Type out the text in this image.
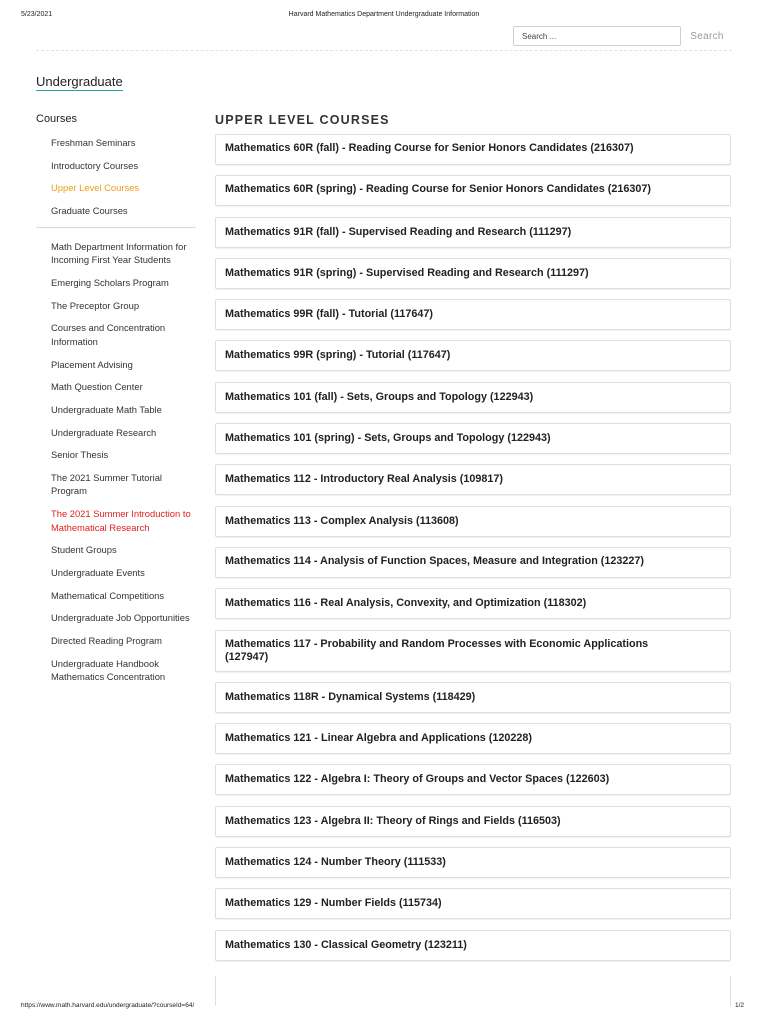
5/23/2021	Harvard Mathematics Department Undergraduate Information
Search ...
Search
Undergraduate
Courses
Freshman Seminars
Introductory Courses
Upper Level Courses
Graduate Courses
Math Department Information for Incoming First Year Students
Emerging Scholars Program
The Preceptor Group
Courses and Concentration Information
Placement Advising
Math Question Center
Undergraduate Math Table
Undergraduate Research
Senior Thesis
The 2021 Summer Tutorial Program
The 2021 Summer Introduction to Mathematical Research
Student Groups
Undergraduate Events
Mathematical Competitions
Undergraduate Job Opportunities
Directed Reading Program
Undergraduate Handbook Mathematics Concentration
UPPER LEVEL COURSES
Mathematics 60R (fall) - Reading Course for Senior Honors Candidates (216307)
Mathematics 60R (spring) - Reading Course for Senior Honors Candidates (216307)
Mathematics 91R (fall) - Supervised Reading and Research (111297)
Mathematics 91R (spring) - Supervised Reading and Research (111297)
Mathematics 99R (fall) - Tutorial (117647)
Mathematics 99R (spring) - Tutorial (117647)
Mathematics 101 (fall) - Sets, Groups and Topology (122943)
Mathematics 101 (spring) - Sets, Groups and Topology (122943)
Mathematics 112 - Introductory Real Analysis (109817)
Mathematics 113 - Complex Analysis (113608)
Mathematics 114 - Analysis of Function Spaces, Measure and Integration (123227)
Mathematics 116 - Real Analysis, Convexity, and Optimization (118302)
Mathematics 117 - Probability and Random Processes with Economic Applications (127947)
Mathematics 118R - Dynamical Systems (118429)
Mathematics 121 - Linear Algebra and Applications (120228)
Mathematics 122 - Algebra I: Theory of Groups and Vector Spaces (122603)
Mathematics 123 - Algebra II: Theory of Rings and Fields (116503)
Mathematics 124 - Number Theory (111533)
Mathematics 129 - Number Fields (115734)
Mathematics 130 - Classical Geometry (123211)
https://www.math.harvard.edu/undergraduate/?courseId=64/	1/2
